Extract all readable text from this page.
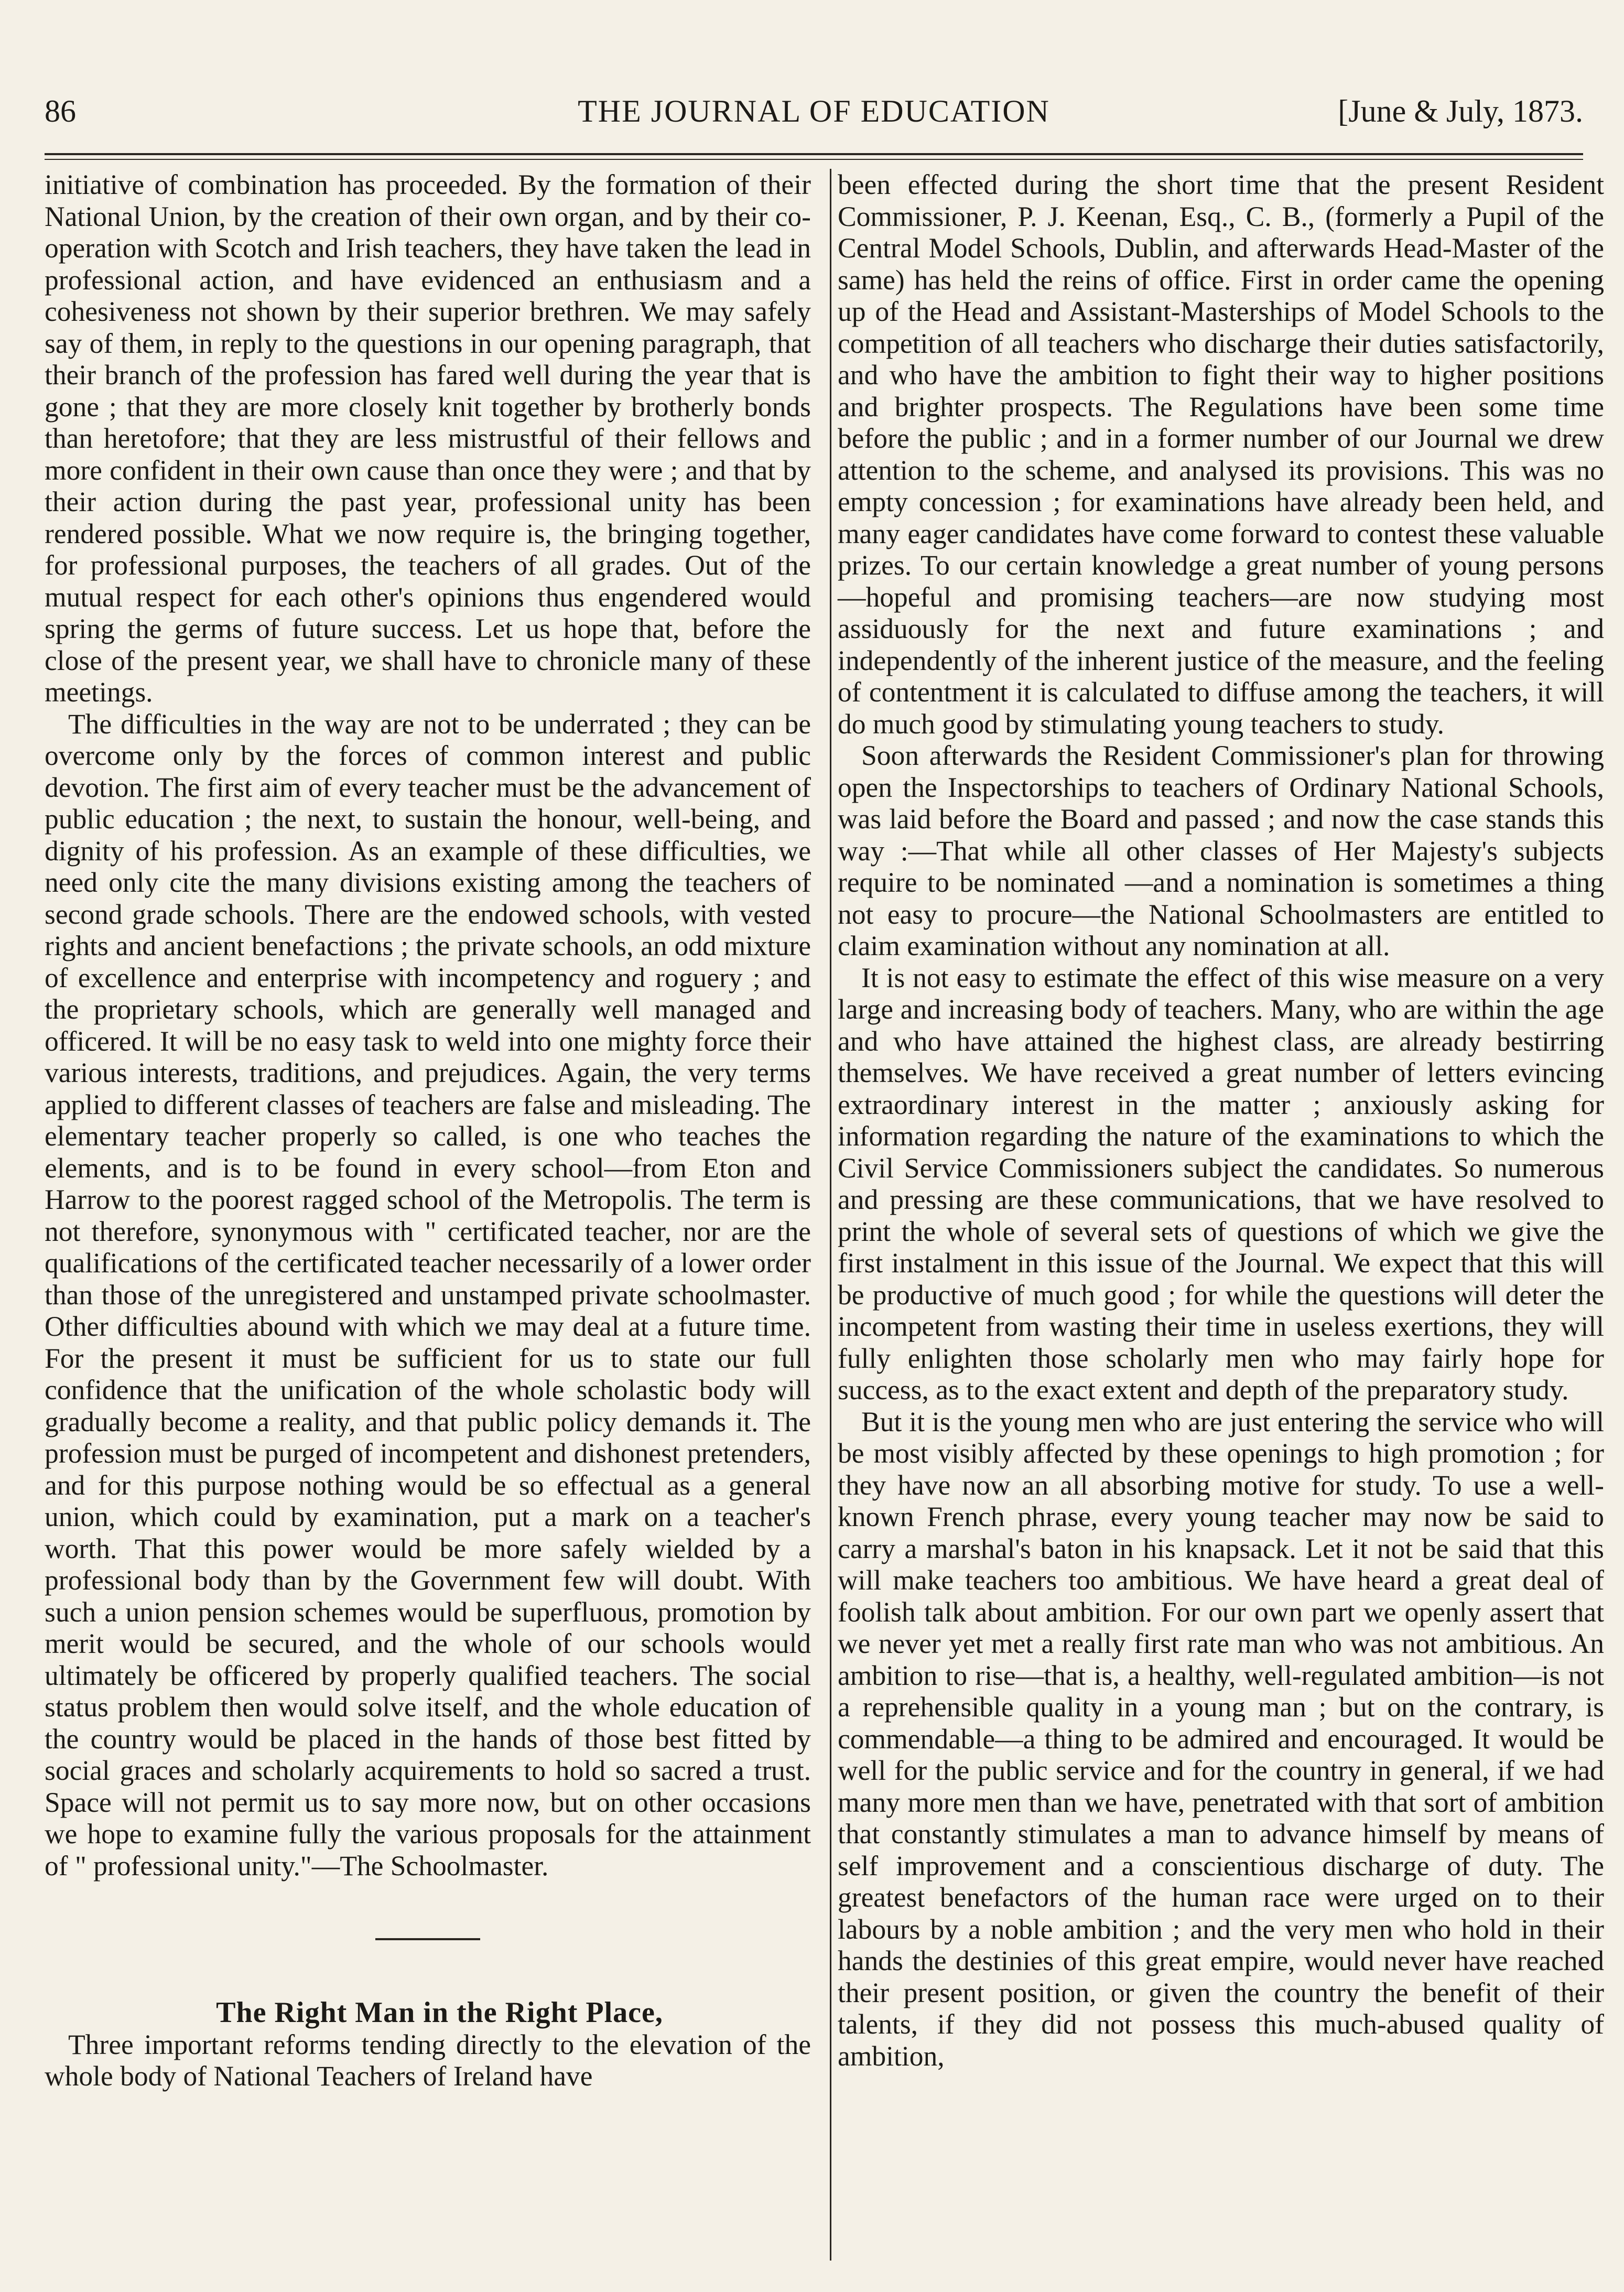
86	THE JOURNAL OF EDUCATION	[June & July, 1873.

initiative of combination has proceeded. By the formation of their National Union, by the creation of their own organ, and by their co-operation with Scotch and Irish teachers, they have taken the lead in professional action, and have evidenced an enthusiasm and a cohesiveness not shown by their superior brethren. We may safely say of them, in reply to the questions in our opening paragraph, that their branch of the profession has fared well during the year that is gone ; that they are more closely knit together by brotherly bonds than heretofore; that they are less mistrustful of their fellows and more confident in their own cause than once they were ; and that by their action during the past year, professional unity has been rendered possible. What we now require is, the bringing together, for professional purposes, the teachers of all grades. Out of the mutual respect for each other's opinions thus engendered would spring the germs of future success. Let us hope that, before the close of the present year, we shall have to chronicle many of these meetings.

The difficulties in the way are not to be underrated ; they can be overcome only by the forces of common interest and public devotion. The first aim of every teacher must be the advancement of public education ; the next, to sustain the honour, well-being, and dignity of his profession. As an example of these difficulties, we need only cite the many divisions existing among the teachers of second grade schools. There are the endowed schools, with vested rights and ancient benefactions ; the private schools, an odd mixture of excellence and enterprise with incompetency and roguery ; and the proprietary schools, which are generally well managed and officered. It will be no easy task to weld into one mighty force their various interests, traditions, and prejudices. Again, the very terms applied to different classes of teachers are false and misleading. The elementary teacher properly so called, is one who teaches the elements, and is to be found in every school—from Eton and Harrow to the poorest ragged school of the Metropolis. The term is not therefore, synonymous with " certificated teacher, nor are the qualifications of the certificated teacher necessarily of a lower order than those of the unregistered and unstamped private schoolmaster. Other difficulties abound with which we may deal at a future time. For the present it must be sufficient for us to state our full confidence that the unification of the whole scholastic body will gradually become a reality, and that public policy demands it. The profession must be purged of incompetent and dishonest pretenders, and for this purpose nothing would be so effectual as a general union, which could by examination, put a mark on a teacher's worth. That this power would be more safely wielded by a professional body than by the Government few will doubt. With such a union pension schemes would be superfluous, promotion by merit would be secured, and the whole of our schools would ultimately be officered by properly qualified teachers. The social status problem then would solve itself, and the whole education of the country would be placed in the hands of those best fitted by social graces and scholarly acquirements to hold so sacred a trust. Space will not permit us to say more now, but on other occasions we hope to examine fully the various proposals for the attainment of " professional unity."—The Schoolmaster.

The Right Man in the Right Place,

Three important reforms tending directly to the elevation of the whole body of National Teachers of Ireland have

been effected during the short time that the present Resident Commissioner, P. J. Keenan, Esq., C. B., (formerly a Pupil of the Central Model Schools, Dublin, and afterwards Head-Master of the same) has held the reins of office. First in order came the opening up of the Head and Assistant-Masterships of Model Schools to the competition of all teachers who discharge their duties satisfactorily, and who have the ambition to fight their way to higher positions and brighter prospects. The Regulations have been some time before the public ; and in a former number of our Journal we drew attention to the scheme, and analysed its provisions. This was no empty concession ; for examinations have already been held, and many eager candidates have come forward to contest these valuable prizes. To our certain knowledge a great number of young persons—hopeful and promising teachers—are now studying most assiduously for the next and future examinations ; and independently of the inherent justice of the measure, and the feeling of contentment it is calculated to diffuse among the teachers, it will do much good by stimulating young teachers to study.

Soon afterwards the Resident Commissioner's plan for throwing open the Inspectorships to teachers of Ordinary National Schools, was laid before the Board and passed ; and now the case stands this way :—That while all other classes of Her Majesty's subjects require to be nominated —and a nomination is sometimes a thing not easy to procure—the National Schoolmasters are entitled to claim examination without any nomination at all.

It is not easy to estimate the effect of this wise measure on a very large and increasing body of teachers. Many, who are within the age and who have attained the highest class, are already bestirring themselves. We have received a great number of letters evincing extraordinary interest in the matter ; anxiously asking for information regarding the nature of the examinations to which the Civil Service Commissioners subject the candidates. So numerous and pressing are these communications, that we have resolved to print the whole of several sets of questions of which we give the first instalment in this issue of the Journal. We expect that this will be productive of much good ; for while the questions will deter the incompetent from wasting their time in useless exertions, they will fully enlighten those scholarly men who may fairly hope for success, as to the exact extent and depth of the preparatory study.

But it is the young men who are just entering the service who will be most visibly affected by these openings to high promotion ; for they have now an all absorbing motive for study. To use a well-known French phrase, every young teacher may now be said to carry a marshal's baton in his knapsack. Let it not be said that this will make teachers too ambitious. We have heard a great deal of foolish talk about ambition. For our own part we openly assert that we never yet met a really first rate man who was not ambitious. An ambition to rise—that is, a healthy, well-regulated ambition—is not a reprehensible quality in a young man ; but on the contrary, is commendable—a thing to be admired and encouraged. It would be well for the public service and for the country in general, if we had many more men than we have, penetrated with that sort of ambition that constantly stimulates a man to advance himself by means of self improvement and a conscientious discharge of duty. The greatest benefactors of the human race were urged on to their labours by a noble ambition ; and the very men who hold in their hands the destinies of this great empire, would never have reached their present position, or given the country the benefit of their talents, if they did not possess this much-abused quality of ambition,
